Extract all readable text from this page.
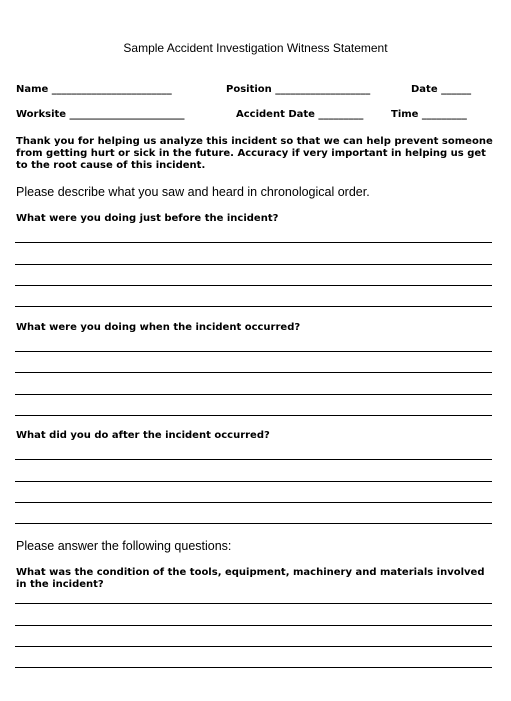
Sample Accident Investigation Witness Statement
Name ________________________	Position ___________________	Date ______
Worksite _______________________	Accident Date _________	Time _________
Thank you for helping us analyze this incident so that we can help prevent someone from getting hurt or sick in the future. Accuracy if very important in helping us get to the root cause of this incident.
Please describe what you saw and heard in chronological order.
What were you doing just before the incident?
What were you doing when the incident occurred?
What did you do after the incident occurred?
Please answer the following questions:
What was the condition of the tools, equipment, machinery and materials involved in the incident?
